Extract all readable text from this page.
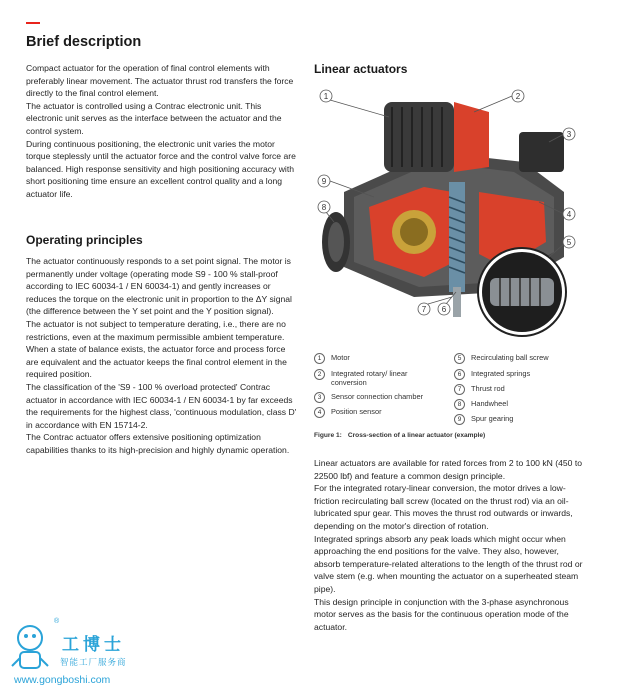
Brief description

Compact actuator for the operation of final control elements with preferably linear movement. The actuator thrust rod transfers the force directly to the final control element.

The actuator is controlled using a Contrac electronic unit. This electronic unit serves as the interface between the actuator and the control system.

During continuous positioning, the electronic unit varies the motor torque steplessly until the actuator force and the control valve force are balanced. High response sensitivity and high positioning accuracy with short positioning time ensure an excellent control quality and a long actuator life.

Operating principles

The actuator continuously responds to a set point signal. The motor is permanently under voltage (operating mode S9 - 100 % stall-proof according to IEC 60034-1 / EN 60034-1) and gently increases or reduces the torque on the electronic unit in proportion to the ΔY signal (the difference between the Y set point and the Y position signal).

The actuator is not subject to temperature derating, i.e., there are no restrictions, even at the maximum permissible ambient temperature. When a state of balance exists, the actuator force and process force are equivalent and the actuator keeps the final control element in the required position.

The classification of the 'S9 - 100 % overload protected' Contrac actuator in accordance with IEC 60034-1 / EN 60034-1 by far exceeds the requirements for the highest class, 'continuous modulation, class D' in accordance with EN 15714-2.

The Contrac actuator offers extensive positioning optimization capabilities thanks to its high-precision and highly dynamic operation.

Linear actuators
1	2
3
4
5
6
7
8
9
1	Motor
2	Integrated rotary/ linear conversion
3	Sensor connection chamber
4	Position sensor
5	Recirculating ball screw
6	Integrated springs
7	Thrust rod
8	Handwheel
9	Spur gearing
Figure 1: Cross-section of a linear actuator (example)

Linear actuators are available for rated forces from 2 to 100 kN (450 to 22500 lbf) and feature a common design principle.

For the integrated rotary-linear conversion, the motor drives a low-friction recirculating ball screw (located on the thrust rod) via an oil-lubricated spur gear. This moves the thrust rod outwards or inwards, depending on the motor's direction of rotation.

Integrated springs absorb any peak loads which might occur when approaching the end positions for the valve. They also, however, absorb temperature-related alterations to the length of the thrust rod or valve stem (e.g. when mounting the actuator on a superheated steam pipe).

This design principle in conjunction with the 3-phase asynchronous motor serves as the basis for the continuous operation mode of the actuator.

®
工博士
智能工厂服务商
www.gongboshi.com
